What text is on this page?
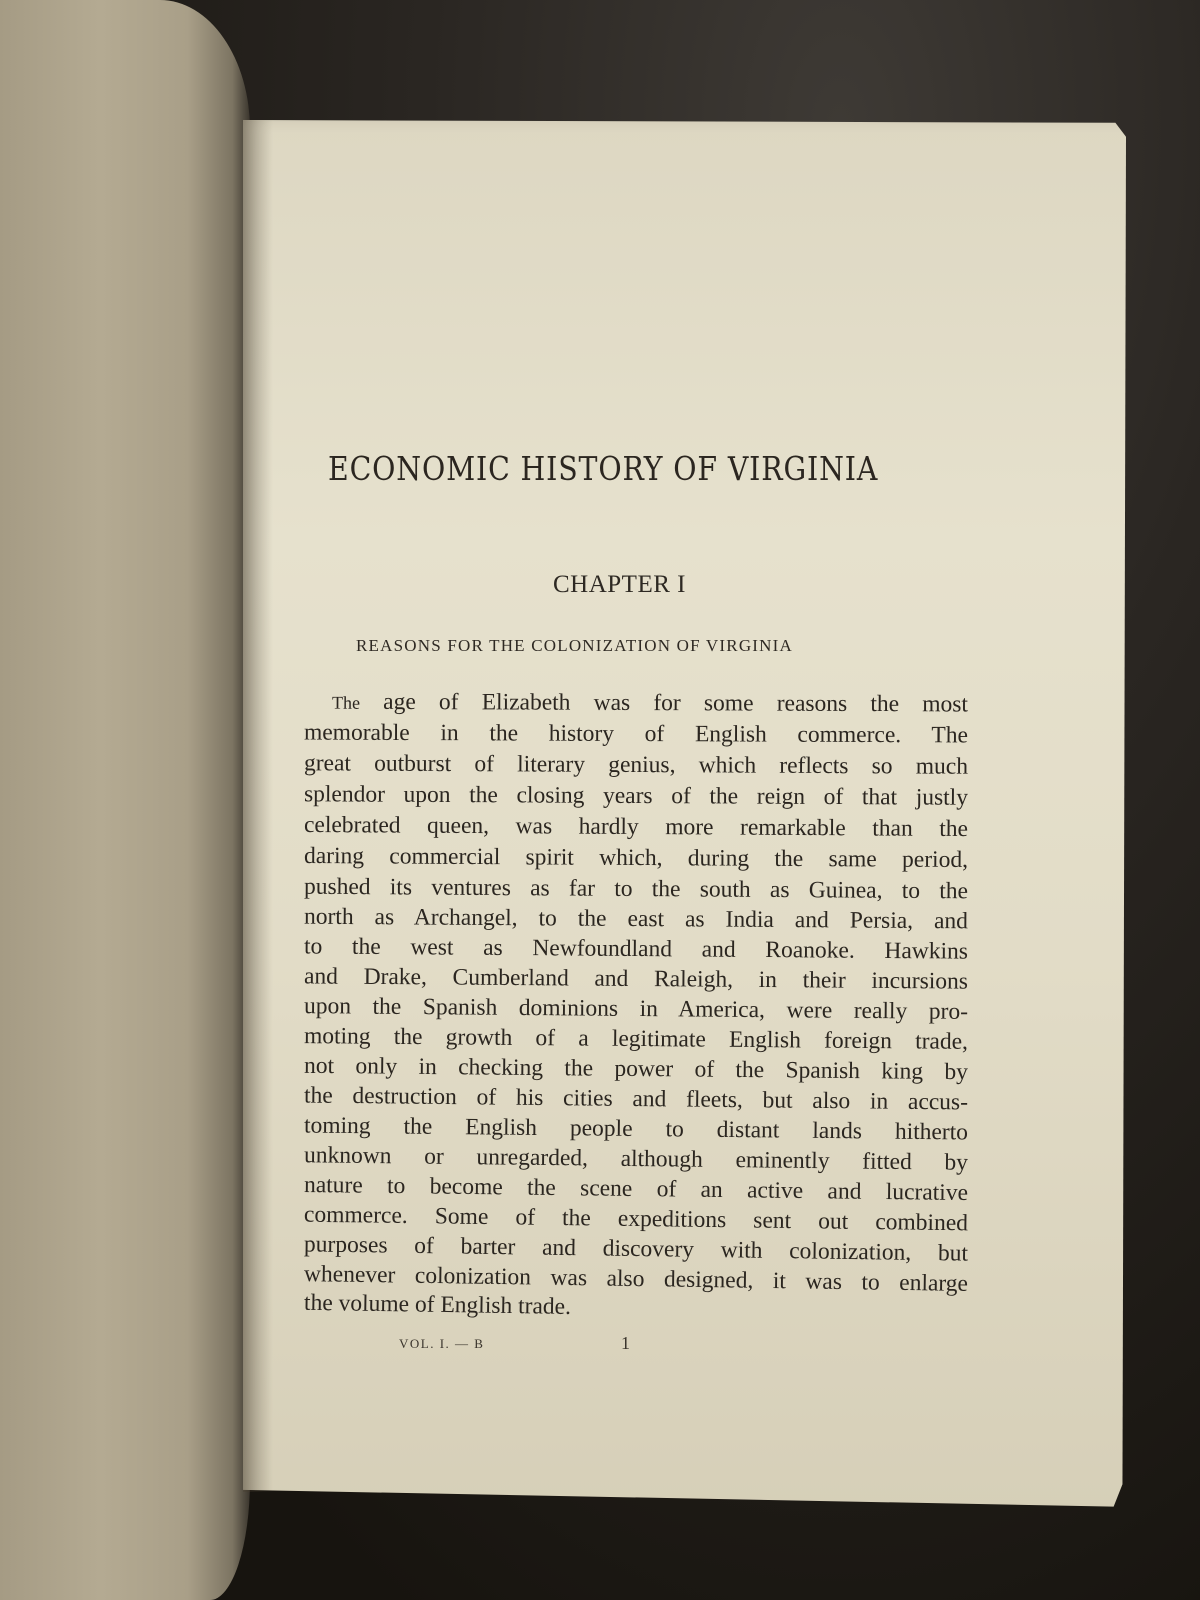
ECONOMIC HISTORY OF VIRGINIA
CHAPTER I
REASONS FOR THE COLONIZATION OF VIRGINIA
The age of Elizabeth was for some reasons the most
memorable in the history of English commerce. The
great outburst of literary genius, which reflects so much
splendor upon the closing years of the reign of that justly
celebrated queen, was hardly more remarkable than the
daring commercial spirit which, during the same period,
pushed its ventures as far to the south as Guinea, to the
north as Archangel, to the east as India and Persia, and
to the west as Newfoundland and Roanoke. Hawkins
and Drake, Cumberland and Raleigh, in their incursions
upon the Spanish dominions in America, were really pro-
moting the growth of a legitimate English foreign trade,
not only in checking the power of the Spanish king by
the destruction of his cities and fleets, but also in accus-
toming the English people to distant lands hitherto
unknown or unregarded, although eminently fitted by
nature to become the scene of an active and lucrative
commerce. Some of the expeditions sent out combined
purposes of barter and discovery with colonization, but
whenever colonization was also designed, it was to enlarge
the volume of English trade.
VOL. I. — B	1
